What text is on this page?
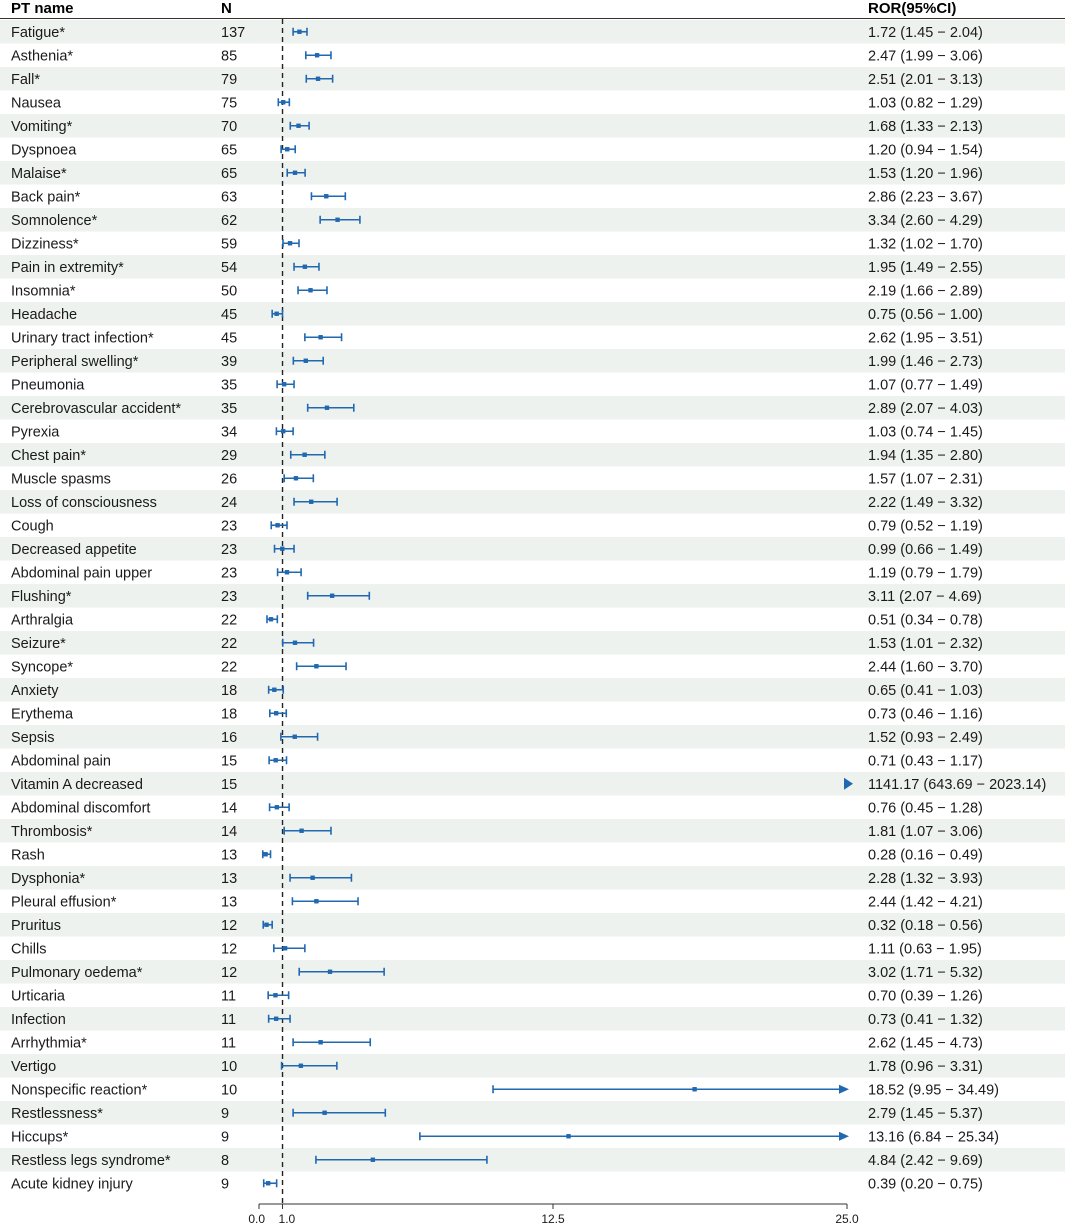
PT name	N	ROR(95%CI)
Fatigue*	137	1.72 (1.45 − 2.04)
Asthenia*	85	2.47 (1.99 − 3.06)
Fall*	79	2.51 (2.01 − 3.13)
Nausea	75	1.03 (0.82 − 1.29)
Vomiting*	70	1.68 (1.33 − 2.13)
Dyspnoea	65	1.20 (0.94 − 1.54)
Malaise*	65	1.53 (1.20 − 1.96)
Back pain*	63	2.86 (2.23 − 3.67)
Somnolence*	62	3.34 (2.60 − 4.29)
Dizziness*	59	1.32 (1.02 − 1.70)
Pain in extremity*	54	1.95 (1.49 − 2.55)
Insomnia*	50	2.19 (1.66 − 2.89)
Headache	45	0.75 (0.56 − 1.00)
Urinary tract infection*	45	2.62 (1.95 − 3.51)
Peripheral swelling*	39	1.99 (1.46 − 2.73)
Pneumonia	35	1.07 (0.77 − 1.49)
Cerebrovascular accident*	35	2.89 (2.07 − 4.03)
Pyrexia	34	1.03 (0.74 − 1.45)
Chest pain*	29	1.94 (1.35 − 2.80)
Muscle spasms	26	1.57 (1.07 − 2.31)
Loss of consciousness	24	2.22 (1.49 − 3.32)
Cough	23	0.79 (0.52 − 1.19)
Decreased appetite	23	0.99 (0.66 − 1.49)
Abdominal pain upper	23	1.19 (0.79 − 1.79)
Flushing*	23	3.11 (2.07 − 4.69)
Arthralgia	22	0.51 (0.34 − 0.78)
Seizure*	22	1.53 (1.01 − 2.32)
Syncope*	22	2.44 (1.60 − 3.70)
Anxiety	18	0.65 (0.41 − 1.03)
Erythema	18	0.73 (0.46 − 1.16)
Sepsis	16	1.52 (0.93 − 2.49)
Abdominal pain	15	0.71 (0.43 − 1.17)
Vitamin A decreased	15	1141.17 (643.69 − 2023.14)
Abdominal discomfort	14	0.76 (0.45 − 1.28)
Thrombosis*	14	1.81 (1.07 − 3.06)
Rash	13	0.28 (0.16 − 0.49)
Dysphonia*	13	2.28 (1.32 − 3.93)
Pleural effusion*	13	2.44 (1.42 − 4.21)
Pruritus	12	0.32 (0.18 − 0.56)
Chills	12	1.11 (0.63 − 1.95)
Pulmonary oedema*	12	3.02 (1.71 − 5.32)
Urticaria	11	0.70 (0.39 − 1.26)
Infection	11	0.73 (0.41 − 1.32)
Arrhythmia*	11	2.62 (1.45 − 4.73)
Vertigo	10	1.78 (0.96 − 3.31)
Nonspecific reaction*	10	18.52 (9.95 − 34.49)
Restlessness*	9	2.79 (1.45 − 5.37)
Hiccups*	9	13.16 (6.84 − 25.34)
Restless legs syndrome*	8	4.84 (2.42 − 9.69)
Acute kidney injury	9	0.39 (0.20 − 0.75)
0.0 1.0	12.5	25.0
